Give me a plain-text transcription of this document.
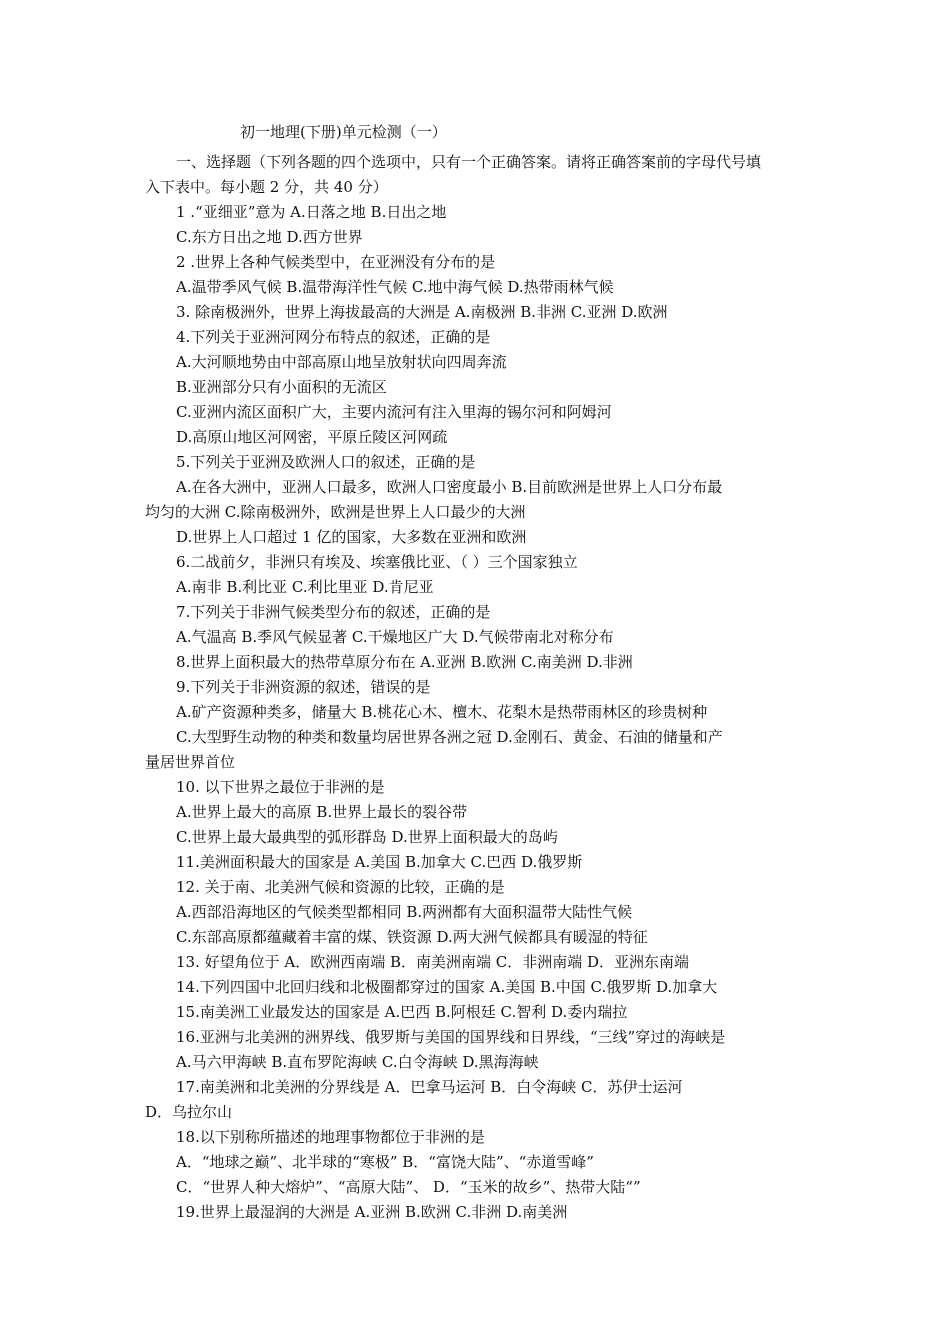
初一地理(下册)单元检测（一）
一、选择题（下列各题的四个选项中，只有一个正确答案。请将正确答案前的字母代号填
入下表中。每小题 2 分，共 40 分）
1 .“亚细亚”意为 A.日落之地 B.日出之地
C.东方日出之地 D.西方世界
2 .世界上各种气候类型中，在亚洲没有分布的是
A.温带季风气候 B.温带海洋性气候 C.地中海气候 D.热带雨林气候
3. 除南极洲外，世界上海拔最高的大洲是 A.南极洲 B.非洲 C.亚洲 D.欧洲
4.下列关于亚洲河网分布特点的叙述，正确的是
A.大河顺地势由中部高原山地呈放射状向四周奔流
B.亚洲部分只有小面积的无流区
C.亚洲内流区面积广大，主要内流河有注入里海的锡尔河和阿姆河
D.高原山地区河网密，平原丘陵区河网疏
5.下列关于亚洲及欧洲人口的叙述，正确的是
A.在各大洲中，亚洲人口最多，欧洲人口密度最小 B.目前欧洲是世界上人口分布最
均匀的大洲 C.除南极洲外，欧洲是世界上人口最少的大洲
D.世界上人口超过 1 亿的国家，大多数在亚洲和欧洲
6.二战前夕，非洲只有埃及、埃塞俄比亚、（ ）三个国家独立
A.南非 B.利比亚 C.利比里亚 D.肯尼亚
7.下列关于非洲气候类型分布的叙述，正确的是
A.气温高 B.季风气候显著 C.干燥地区广大 D.气候带南北对称分布
8.世界上面积最大的热带草原分布在 A.亚洲 B.欧洲 C.南美洲 D.非洲
9.下列关于非洲资源的叙述，错误的是
A.矿产资源种类多，储量大 B.桃花心木、檀木、花梨木是热带雨林区的珍贵树种
C.大型野生动物的种类和数量均居世界各洲之冠 D.金刚石、黄金、石油的储量和产
量居世界首位
10. 以下世界之最位于非洲的是
A.世界上最大的高原 B.世界上最长的裂谷带
C.世界上最大最典型的弧形群岛 D.世界上面积最大的岛屿
11.美洲面积最大的国家是 A.美国 B.加拿大 C.巴西 D.俄罗斯
12. 关于南、北美洲气候和资源的比较，正确的是
A.西部沿海地区的气候类型都相同 B.两洲都有大面积温带大陆性气候
C.东部高原都蕴藏着丰富的煤、铁资源 D.两大洲气候都具有暖湿的特征
13. 好望角位于 A．欧洲西南端 B．南美洲南端 C．非洲南端 D．亚洲东南端
14.下列四国中北回归线和北极圈都穿过的国家 A.美国 B.中国 C.俄罗斯 D.加拿大
15.南美洲工业最发达的国家是 A.巴西 B.阿根廷 C.智利 D.委内瑞拉
16.亚洲与北美洲的洲界线、俄罗斯与美国的国界线和日界线，“三线”穿过的海峡是
A.马六甲海峡 B.直布罗陀海峡 C.白令海峡 D.黑海海峡
17.南美洲和北美洲的分界线是 A．巴拿马运河 B．白令海峡 C．苏伊士运河
D．乌拉尔山
18.以下别称所描述的地理事物都位于非洲的是
A．“地球之巅”、北半球的“寒极” B．“富饶大陆”、“赤道雪峰”
C．“世界人种大熔炉”、“高原大陆”、 D．“玉米的故乡”、热带大陆“”
19.世界上最湿润的大洲是 A.亚洲 B.欧洲 C.非洲 D.南美洲
